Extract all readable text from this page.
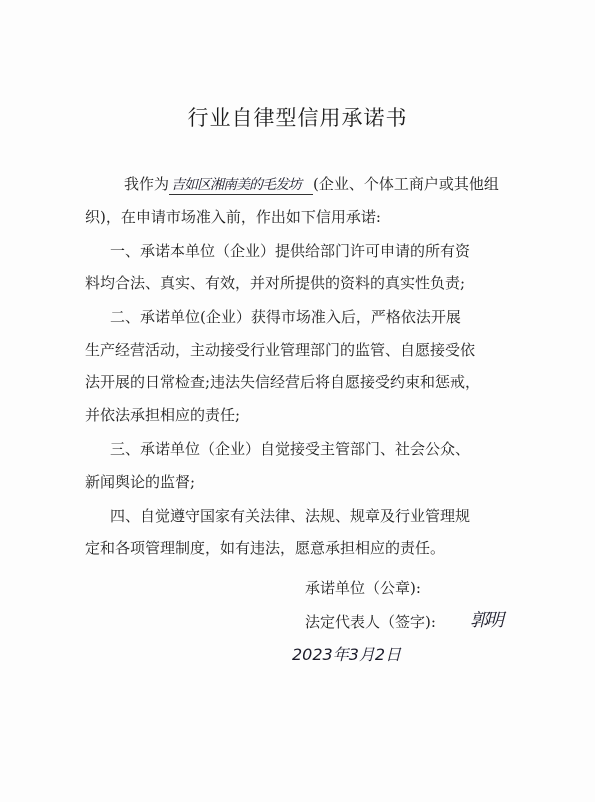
行业自律型信用承诺书
我作为 吉如区湘南美的毛发坊 (企业、个体工商户或其他组
织)，在申请市场准入前，作出如下信用承诺:
一、承诺本单位（企业）提供给部门许可申请的所有资
料均合法、真实、有效，并对所提供的资料的真实性负责;
二、承诺单位(企业）获得市场准入后，严格依法开展
生产经营活动，主动接受行业管理部门的监管、自愿接受依
法开展的日常检查;违法失信经营后将自愿接受约束和惩戒，
并依法承担相应的责任;
三、承诺单位（企业）自觉接受主管部门、社会公众、
新闻舆论的监督;
四、自觉遵守国家有关法律、法规、规章及行业管理规
定和各项管理制度，如有违法，愿意承担相应的责任。
承诺单位（公章):
法定代表人（签字): 郭明
2023年3月2日
